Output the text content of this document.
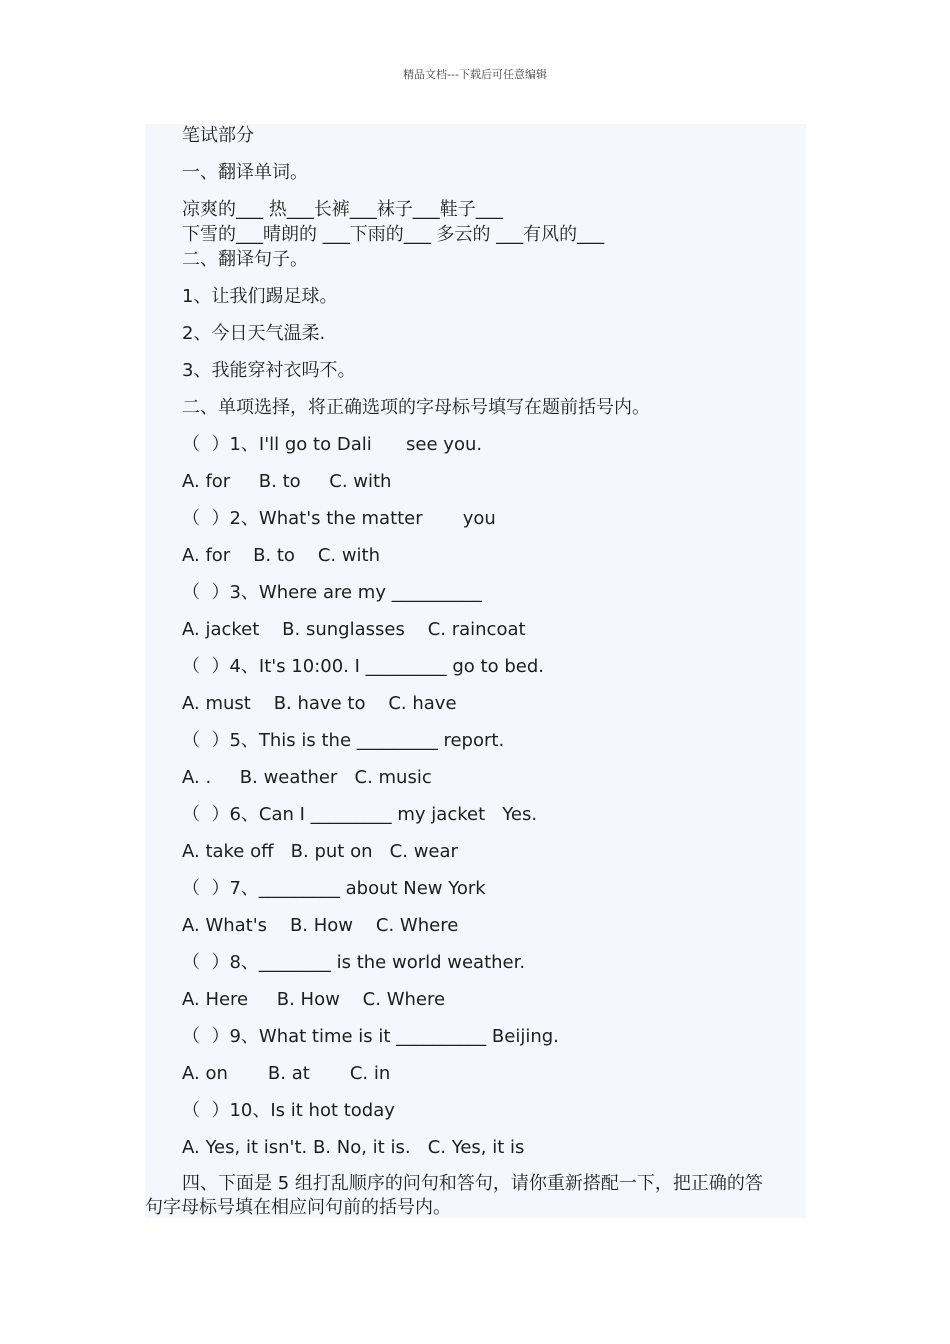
精品文档---下载后可任意编辑
笔试部分
一、翻译单词。
凉爽的___ 热___长裤___袜子___鞋子___
下雪的___晴朗的 ___下雨的___ 多云的 ___有风的___
二、翻译句子。
1、让我们踢足球。
2、今日天气温柔.
3、我能穿衬衣吗不。
二、单项选择，将正确选项的字母标号填写在题前括号内。
（  ）1、I'll go to Dali      see you.
A. for     B. to     C. with
（  ）2、What's the matter       you
A. for    B. to    C. with
（  ）3、Where are my __________
A. jacket    B. sunglasses    C. raincoat
（  ）4、It's 10:00. I _________ go to bed.
A. must    B. have to    C. have
（  ）5、This is the _________ report.
A. .     B. weather   C. music
（  ）6、Can I _________ my jacket   Yes.
A. take off   B. put on   C. wear
（  ）7、_________ about New York
A. What's    B. How    C. Where
（  ）8、________ is the world weather.
A. Here     B. How    C. Where
（  ）9、What time is it __________ Beijing.
A. on       B. at       C. in
（  ）10、Is it hot today
A. Yes, it isn't. B. No, it is.   C. Yes, it is
四、下面是 5 组打乱顺序的问句和答句，请你重新搭配一下，把正确的答
句字母标号填在相应问句前的括号内。
